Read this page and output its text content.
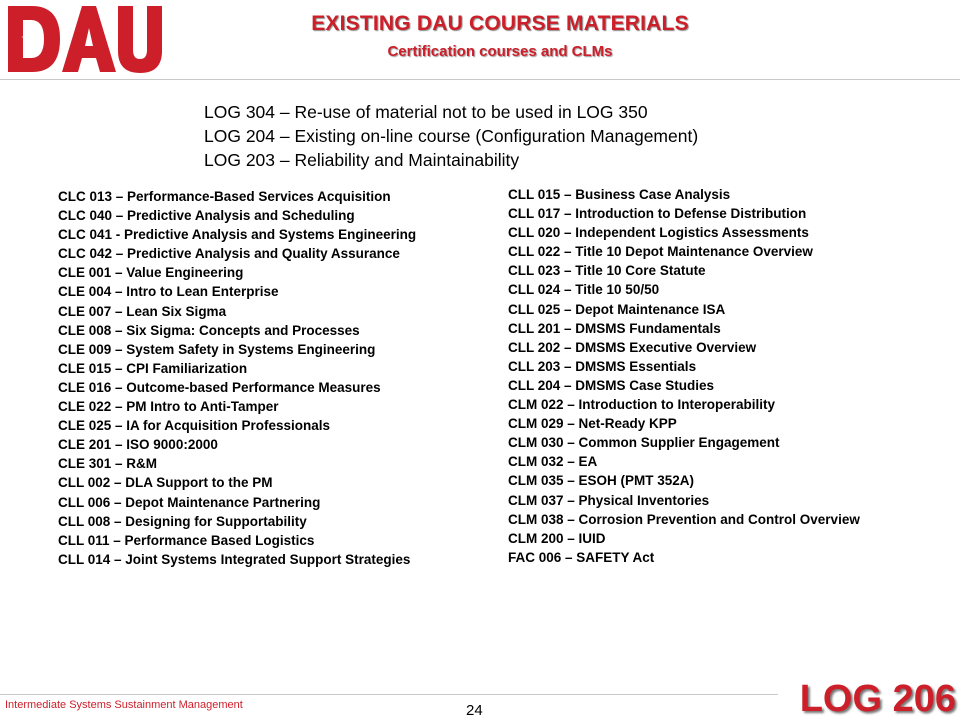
EXISTING DAU COURSE MATERIALS
Certification courses and CLMs
LOG 304 – Re-use of material not to be used in LOG 350
LOG 204 – Existing on-line course (Configuration Management)
LOG 203 – Reliability and Maintainability
CLC 013 – Performance-Based Services Acquisition
CLC 040 – Predictive Analysis and Scheduling
CLC 041 - Predictive Analysis and Systems Engineering
CLC 042 – Predictive Analysis and Quality Assurance
CLE 001 – Value Engineering
CLE 004 – Intro to Lean Enterprise
CLE 007 – Lean Six Sigma
CLE 008 – Six Sigma: Concepts and Processes
CLE 009 – System Safety in Systems Engineering
CLE 015 – CPI Familiarization
CLE 016 – Outcome-based Performance Measures
CLE 022 – PM Intro to Anti-Tamper
CLE 025 – IA for Acquisition Professionals
CLE 201 – ISO 9000:2000
CLE 301 – R&M
CLL 002 – DLA Support to the PM
CLL 006 – Depot Maintenance Partnering
CLL 008 – Designing for Supportability
CLL 011 – Performance Based Logistics
CLL 014 – Joint Systems Integrated Support Strategies
CLL 015 – Business Case Analysis
CLL 017 – Introduction to Defense Distribution
CLL 020 – Independent Logistics Assessments
CLL 022 – Title 10 Depot Maintenance Overview
CLL 023 – Title 10 Core Statute
CLL 024 – Title 10 50/50
CLL 025 – Depot Maintenance ISA
CLL 201 – DMSMS Fundamentals
CLL 202 – DMSMS Executive Overview
CLL 203 – DMSMS Essentials
CLL 204 – DMSMS Case Studies
CLM 022 – Introduction to Interoperability
CLM 029 – Net-Ready KPP
CLM 030 – Common Supplier Engagement
CLM 032 – EA
CLM 035 – ESOH (PMT 352A)
CLM 037 – Physical Inventories
CLM 038 – Corrosion Prevention and Control Overview
CLM 200 – IUID
FAC 006 – SAFETY Act
Intermediate Systems Sustainment Management	24	LOG 206
